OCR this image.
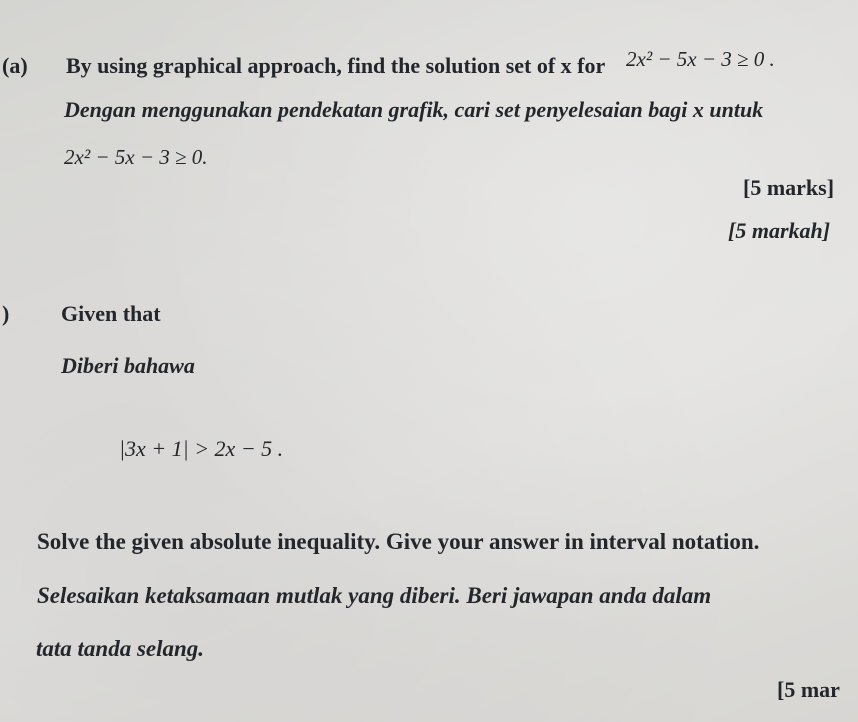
(a) By using graphical approach, find the solution set of x for 2x² − 5x − 3 ≥ 0 .
Dengan menggunakan pendekatan grafik, cari set penyelesaian bagi x untuk
2x² − 5x − 3 ≥ 0.
[5 marks]
[5 markah]
) Given that
Diberi bahawa
|3x + 1| > 2x − 5 .
Solve the given absolute inequality. Give your answer in interval notation.
Selesaikan ketaksamaan mutlak yang diberi. Beri jawapan anda dalam
tata tanda selang.
[5 mar
